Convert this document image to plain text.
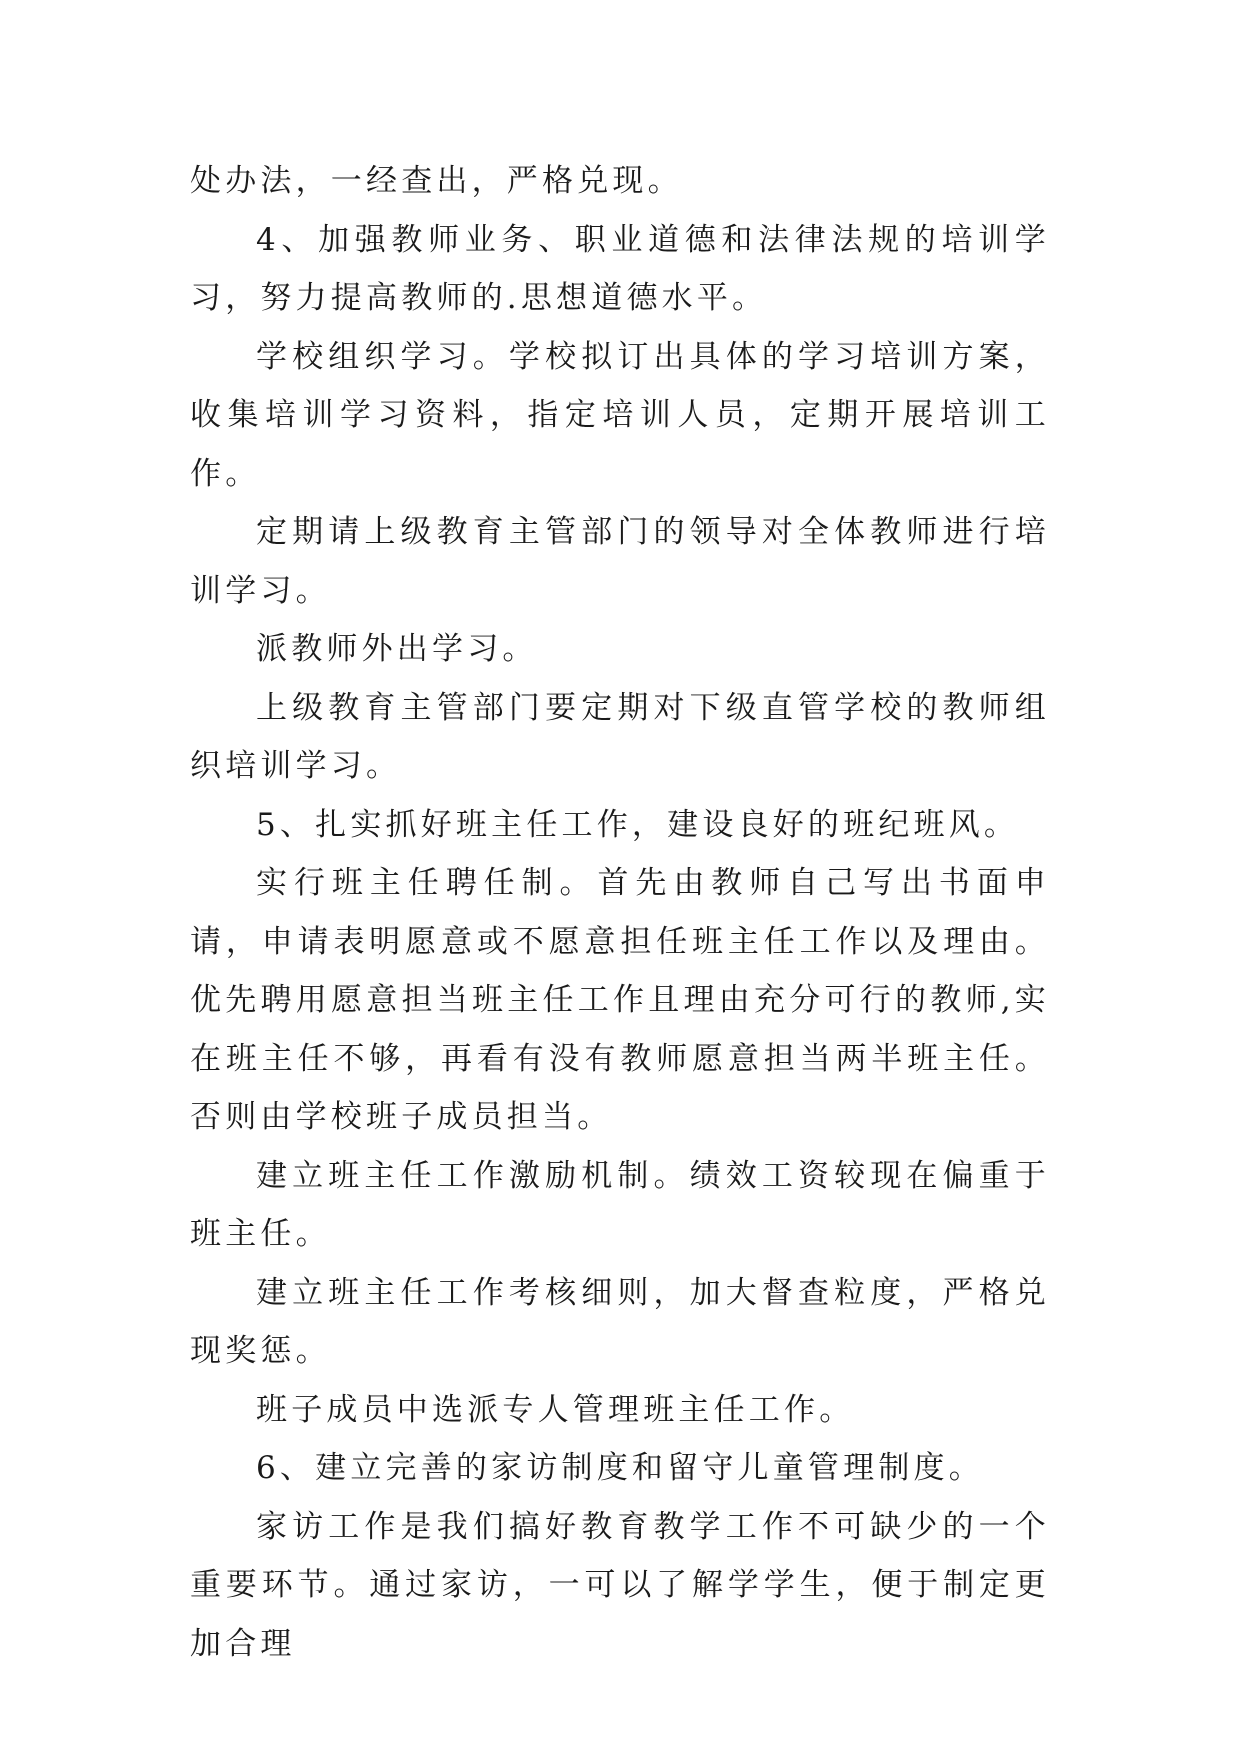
处办法，一经查出，严格兑现。

4、加强教师业务、职业道德和法律法规的培训学习，努力提高教师的.思想道德水平。

学校组织学习。学校拟订出具体的学习培训方案，收集培训学习资料，指定培训人员，定期开展培训工作。

定期请上级教育主管部门的领导对全体教师进行培训学习。

派教师外出学习。

上级教育主管部门要定期对下级直管学校的教师组织培训学习。

5、扎实抓好班主任工作，建设良好的班纪班风。

实行班主任聘任制。首先由教师自己写出书面申请，申请表明愿意或不愿意担任班主任工作以及理由。优先聘用愿意担当班主任工作且理由充分可行的教师,实在班主任不够，再看有没有教师愿意担当两半班主任。否则由学校班子成员担当。

建立班主任工作激励机制。绩效工资较现在偏重于班主任。

建立班主任工作考核细则，加大督查粒度，严格兑现奖惩。

班子成员中选派专人管理班主任工作。

6、建立完善的家访制度和留守儿童管理制度。

家访工作是我们搞好教育教学工作不可缺少的一个重要环节。通过家访，一可以了解学学生，便于制定更加合理
